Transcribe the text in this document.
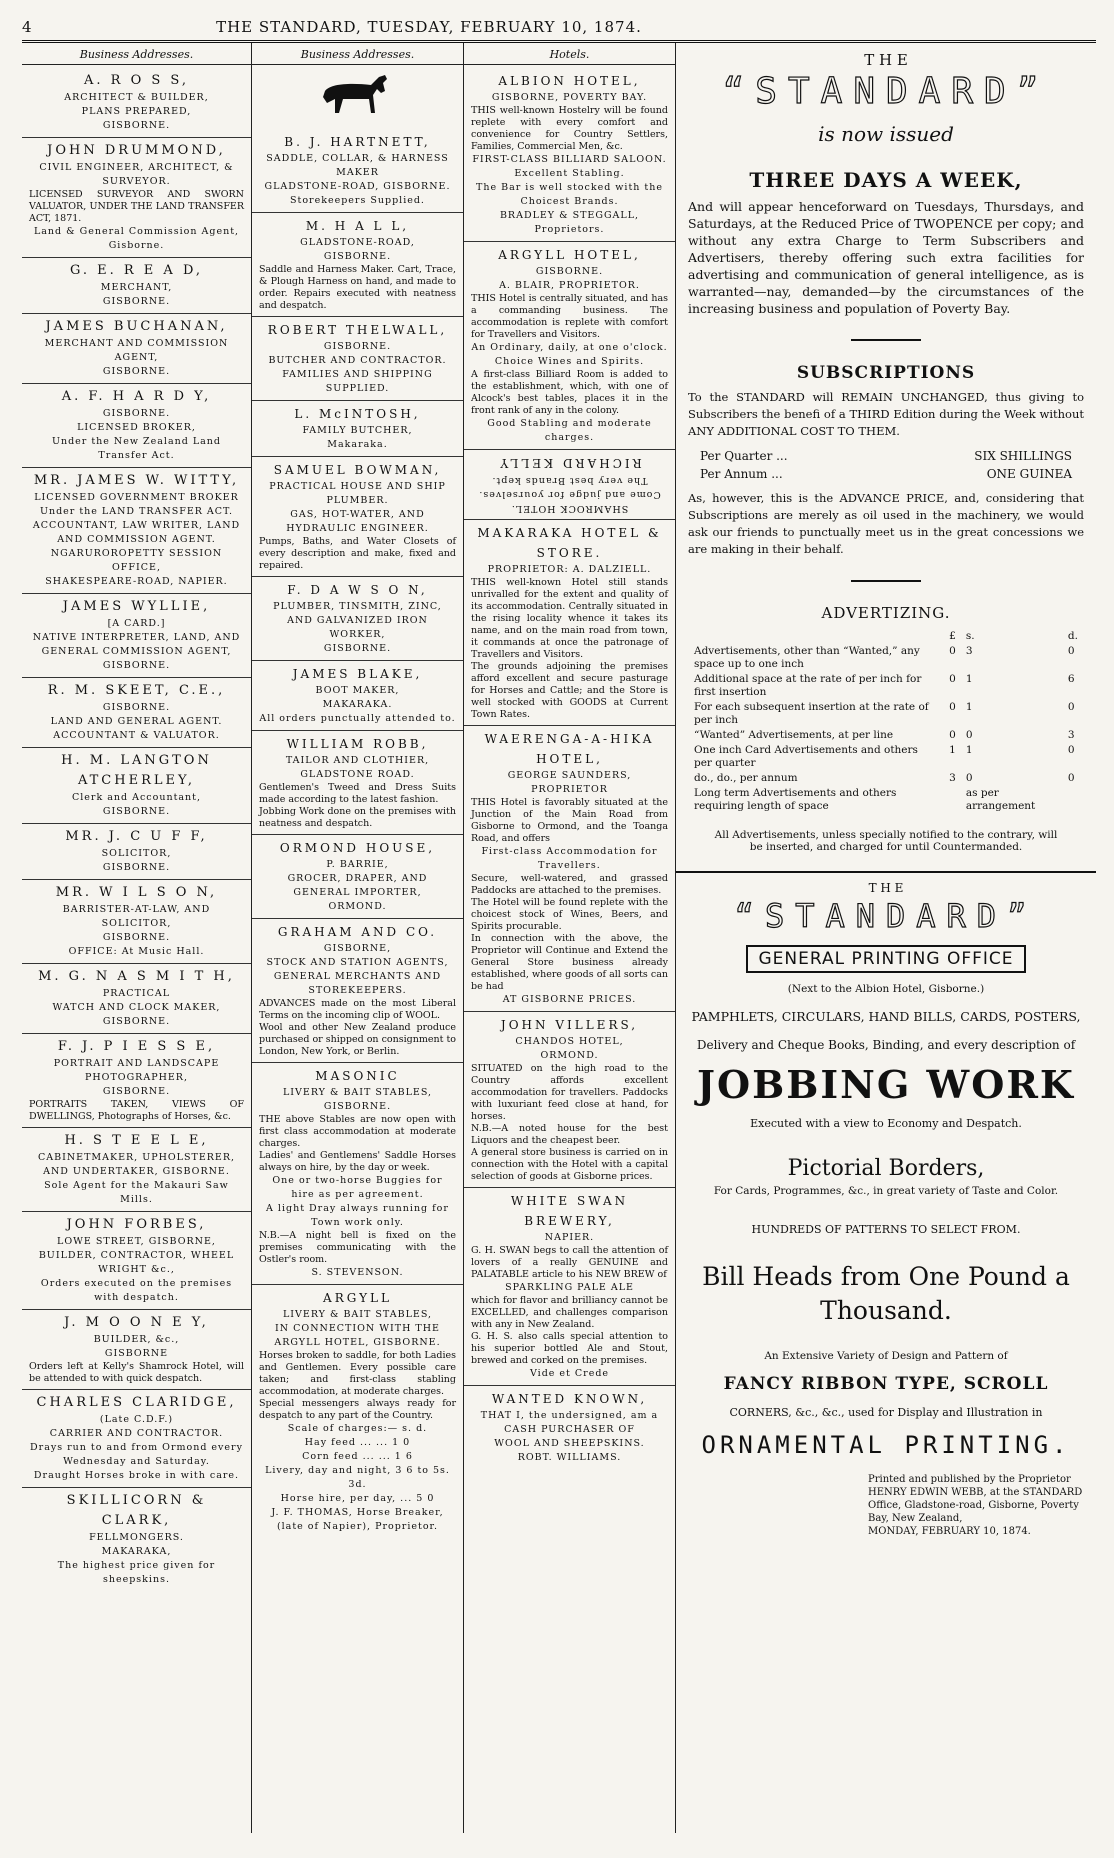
4	THE STANDARD, TUESDAY, FEBRUARY 10, 1874.
Business Addresses.
A. R O S S,
ARCHITECT & BUILDER,
PLANS PREPARED,
GISBORNE.
JOHN DRUMMOND,
CIVIL ENGINEER, ARCHITECT, & SURVEYOR.
LICENSED SURVEYOR AND SWORN VALUATOR, UNDER THE LAND TRANSFER ACT, 1871.
Land & General Commission Agent, Gisborne.
G. E. R E A D,
MERCHANT,
GISBORNE.
JAMES BUCHANAN,
MERCHANT AND COMMISSION AGENT,
GISBORNE.
A. F. H A R D Y,
GISBORNE.
LICENSED BROKER,
Under the New Zealand Land Transfer Act.
MR. JAMES W. WITTY,
LICENSED GOVERNMENT BROKER
Under the LAND TRANSFER ACT.
ACCOUNTANT, LAW WRITER, LAND AND COMMISSION AGENT.
NGARUROROPETTY SESSION OFFICE,
SHAKESPEARE-ROAD, NAPIER.
JAMES WYLLIE,
[A CARD.]
NATIVE INTERPRETER, LAND, AND GENERAL COMMISSION AGENT,
GISBORNE.
R. M. SKEET, C.E.,
GISBORNE.
LAND AND GENERAL AGENT.
ACCOUNTANT & VALUATOR.
H. M. LANGTON ATCHERLEY,
Clerk and Accountant,
GISBORNE.
MR. J. C U F F,
SOLICITOR,
GISBORNE.
MR. W I L S O N,
BARRISTER-AT-LAW, AND SOLICITOR,
GISBORNE.
OFFICE: At Music Hall.
M. G. N A S M I T H,
PRACTICAL
WATCH AND CLOCK MAKER,
GISBORNE.
F. J. P I E S S E,
PORTRAIT AND LANDSCAPE
PHOTOGRAPHER,
GISBORNE.
PORTRAITS TAKEN, VIEWS OF DWELLINGS, Photographs of Horses, &c.
H. S T E E L E,
CABINETMAKER, UPHOLSTERER,
AND UNDERTAKER, GISBORNE.
Sole Agent for the Makauri Saw Mills.
JOHN FORBES,
LOWE STREET, GISBORNE,
BUILDER, CONTRACTOR, WHEEL WRIGHT &c.,
Orders executed on the premises with despatch.
J. M O O N E Y,
BUILDER, &c.,
GISBORNE
Orders left at Kelly's Shamrock Hotel, will be attended to with quick despatch.
CHARLES CLARIDGE,
(Late C.D.F.)
CARRIER AND CONTRACTOR.
Drays run to and from Ormond every Wednesday and Saturday.
Draught Horses broke in with care.
SKILLICORN & CLARK,
FELLMONGERS.
MAKARAKA,
The highest price given for sheepskins.
Business Addresses.
B. J. HARTNETT,
SADDLE, COLLAR, & HARNESS MAKER
GLADSTONE-ROAD, GISBORNE.
Storekeepers Supplied.
M. H A L L,
GLADSTONE-ROAD,
GISBORNE.
Saddle and Harness Maker. Cart, Trace, & Plough Harness on hand, and made to order. Repairs executed with neatness and despatch.
ROBERT THELWALL,
GISBORNE.
BUTCHER AND CONTRACTOR.
FAMILIES AND SHIPPING SUPPLIED.
L. McINTOSH,
FAMILY BUTCHER,
Makaraka.
SAMUEL BOWMAN,
PRACTICAL HOUSE AND SHIP PLUMBER.
GAS, HOT-WATER, AND HYDRAULIC ENGINEER.
Pumps, Baths, and Water Closets of every description and make, fixed and repaired.
F. D A W S O N,
PLUMBER, TINSMITH, ZINC, AND GALVANIZED IRON WORKER,
GISBORNE.
JAMES BLAKE,
BOOT MAKER,
MAKARAKA.
All orders punctually attended to.
WILLIAM ROBB,
TAILOR AND CLOTHIER,
GLADSTONE ROAD.
Gentlemen's Tweed and Dress Suits made according to the latest fashion.
Jobbing Work done on the premises with neatness and despatch.
ORMOND HOUSE,
P. BARRIE,
GROCER, DRAPER, AND GENERAL IMPORTER,
ORMOND.
GRAHAM AND CO.
GISBORNE,
STOCK AND STATION AGENTS,
GENERAL MERCHANTS AND STOREKEEPERS.
ADVANCES made on the most Liberal Terms on the incoming clip of WOOL.
Wool and other New Zealand produce purchased or shipped on consignment to London, New York, or Berlin.
MASONIC
LIVERY & BAIT STABLES,
GISBORNE.
THE above Stables are now open with first class accommodation at moderate charges.
Ladies' and Gentlemens' Saddle Horses always on hire, by the day or week.
One or two-horse Buggies for hire as per agreement.
A light Dray always running for Town work only.
N.B.—A night bell is fixed on the premises communicating with the Ostler's room.
S. STEVENSON.
ARGYLL
LIVERY & BAIT STABLES,
IN CONNECTION WITH THE ARGYLL HOTEL, GISBORNE.
Horses broken to saddle, for both Ladies and Gentlemen. Every possible care taken; and first-class stabling accommodation, at moderate charges.
Special messengers always ready for despatch to any part of the Country.
Scale of charges:— s. d.
Hay feed ... ... 1 0
Corn feed ... ... 1 6
Livery, day and night, 3 6 to 5s. 3d.
Horse hire, per day, ... 5 0
J. F. THOMAS, Horse Breaker, (late of Napier), Proprietor.
Hotels.
ALBION HOTEL,
GISBORNE, POVERTY BAY.
THIS well-known Hostelry will be found replete with every comfort and convenience for Country Settlers, Families, Commercial Men, &c.
FIRST-CLASS BILLIARD SALOON.
Excellent Stabling.
The Bar is well stocked with the Choicest Brands.
BRADLEY & STEGGALL, Proprietors.
ARGYLL HOTEL,
GISBORNE.
A. BLAIR, PROPRIETOR.
THIS Hotel is centrally situated, and has a commanding business. The accommodation is replete with comfort for Travellers and Visitors.
An Ordinary, daily, at one o'clock.
Choice Wines and Spirits.
A first-class Billiard Room is added to the establishment, which, with one of Alcock's best tables, places it in the front rank of any in the colony.
Good Stabling and moderate charges.
RICHARD KELLY
SHAMROCK HOTEL.
Come and judge for yourselves.
The very best Brands kept.
MAKARAKA HOTEL & STORE.
PROPRIETOR: A. DALZIELL.
THIS well-known Hotel still stands unrivalled for the extent and quality of its accommodation. Centrally situated in the rising locality whence it takes its name, and on the main road from town, it commands at once the patronage of Travellers and Visitors.
The grounds adjoining the premises afford excellent and secure pasturage for Horses and Cattle; and the Store is well stocked with GOODS at Current Town Rates.
WAERENGA-A-HIKA HOTEL,
GEORGE SAUNDERS, PROPRIETOR
THIS Hotel is favorably situated at the Junction of the Main Road from Gisborne to Ormond, and the Toanga Road, and offers
First-class Accommodation for Travellers.
Secure, well-watered, and grassed Paddocks are attached to the premises.
The Hotel will be found replete with the choicest stock of Wines, Beers, and Spirits procurable.
In connection with the above, the Proprietor will Continue and Extend the General Store business already established, where goods of all sorts can be had
AT GISBORNE PRICES.
JOHN VILLERS,
CHANDOS HOTEL,
ORMOND.
SITUATED on the high road to the Country affords excellent accommodation for travellers. Paddocks with luxuriant feed close at hand, for horses.
N.B.—A noted house for the best Liquors and the cheapest beer.
A general store business is carried on in connection with the Hotel with a capital selection of goods at Gisborne prices.
WHITE SWAN BREWERY,
NAPIER.
G. H. SWAN begs to call the attention of lovers of a really GENUINE and PALATABLE article to his NEW BREW of
SPARKLING PALE ALE
which for flavor and brilliancy cannot be EXCELLED, and challenges comparison with any in New Zealand.
G. H. S. also calls special attention to his superior bottled Ale and Stout, brewed and corked on the premises.
Vide et Crede
WANTED KNOWN,
THAT I, the undersigned, am a CASH PURCHASER OF
WOOL AND SHEEPSKINS.
ROBT. WILLIAMS.
T H E
“STANDARD”
is now issued
THREE DAYS A WEEK,
And will appear henceforward on Tuesdays, Thursdays, and Saturdays, at the Reduced Price of TWOPENCE per copy; and without any extra Charge to Term Subscribers and Advertisers, thereby offering such extra facilities for advertising and communication of general intelligence, as is warranted—nay, demanded—by the circumstances of the increasing business and population of Poverty Bay.
SUBSCRIPTIONS
To the STANDARD will REMAIN UNCHANGED, thus giving to Subscribers the benefi of a THIRD Edition during the Week without ANY ADDITIONAL COST TO THEM.
Per Quarter ...	SIX SHILLINGS
Per Annum ...	ONE GUINEA
As, however, this is the ADVANCE PRICE, and, considering that Subscriptions are merely as oil used in the machinery, we would ask our friends to punctually meet us in the great concessions we are making in their behalf.
ADVERTIZING.
	£	s.	d.
Advertisements, other than “Wanted,” any space up to one inch	0	3	0
Additional space at the rate of per inch for first insertion	0	1	6
For each subsequent insertion at the rate of per inch	0	1	0
“Wanted” Advertisements, at per line	0	0	3
One inch Card Advertisements and others per quarter	1	1	0
do., do., per annum	3	0	0
Long term Advertisements and others requiring length of space		as per arrangement	
All Advertisements, unless specially notified to the contrary, will be inserted, and charged for until Countermanded.
T H E
“STANDARD”
GENERAL PRINTING OFFICE
(Next to the Albion Hotel, Gisborne.)
PAMPHLETS, CIRCULARS, HAND BILLS, CARDS, POSTERS,
Delivery and Cheque Books, Binding, and every description of
JOBBING WORK
Executed with a view to Economy and Despatch.
Pictorial Borders,
For Cards, Programmes, &c., in great variety of Taste and Color.
HUNDREDS OF PATTERNS TO SELECT FROM.
Bill Heads from One Pound a Thousand.
An Extensive Variety of Design and Pattern of
FANCY RIBBON TYPE, SCROLL
CORNERS, &c., &c., used for Display and Illustration in
ORNAMENTAL PRINTING.
Printed and published by the Proprietor
HENRY EDWIN WEBB, at the STANDARD
Office, Gladstone-road, Gisborne, Poverty
Bay, New Zealand,
MONDAY, FEBRUARY 10, 1874.
